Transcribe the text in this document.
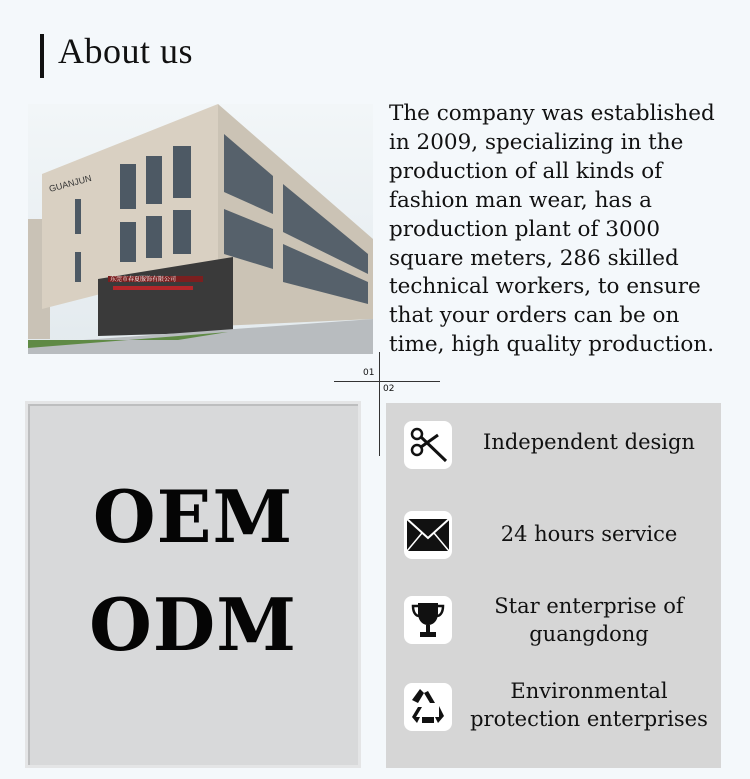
About us
GUANJUN
东莞市春夏服饰有限公司
The company was established
in 2009, specializing in the
production of all kinds of
fashion man wear, has a
production plant of 3000
square meters, 286 skilled
technical workers, to ensure
that your orders can be on
time, high quality production.
01
02
OEM
ODM
Independent design
24 hours service
Star enterprise of
guangdong
Environmental
protection enterprises
